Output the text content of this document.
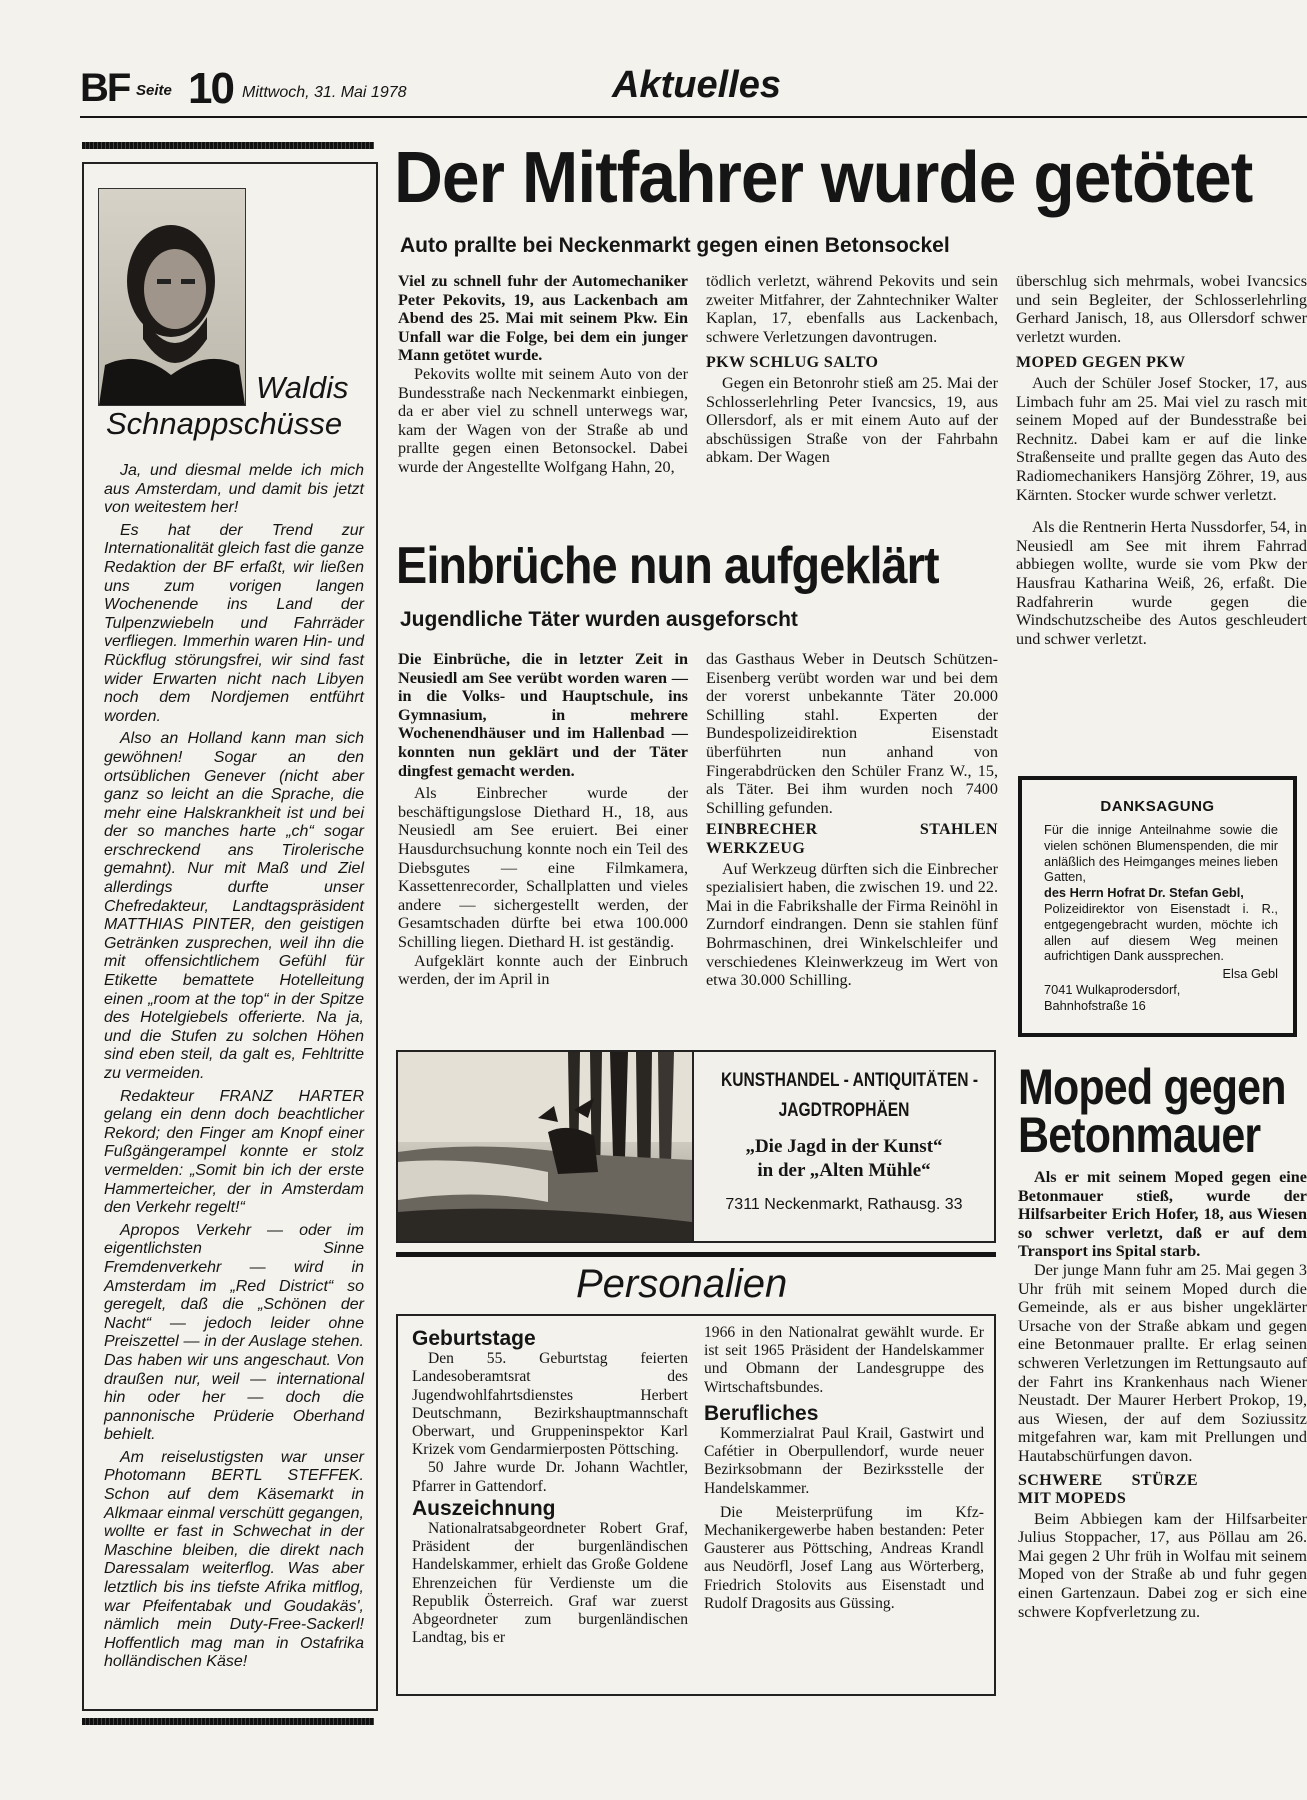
BF Seite 10 Mittwoch, 31. Mai 1978	Aktuelles
Waldis
Schnappschüsse

Ja, und diesmal melde ich mich aus Amsterdam, und damit bis jetzt von weitestem her!

Es hat der Trend zur Internationalität gleich fast die ganze Redaktion der BF erfaßt, wir ließen uns zum vorigen langen Wochenende ins Land der Tulpenzwiebeln und Fahrräder verfliegen. Immerhin waren Hin- und Rückflug störungsfrei, wir sind fast wider Erwarten nicht nach Libyen noch dem Nordjemen entführt worden.

Also an Holland kann man sich gewöhnen! Sogar an den ortsüblichen Genever (nicht aber ganz so leicht an die Sprache, die mehr eine Halskrankheit ist und bei der so manches harte „ch“ sogar erschreckend ans Tirolerische gemahnt). Nur mit Maß und Ziel allerdings durfte unser Chefredakteur, Landtagspräsident MATTHIAS PINTER, den geistigen Getränken zusprechen, weil ihn die mit offensichtlichem Gefühl für Etikette bemattete Hotelleitung einen „room at the top“ in der Spitze des Hotelgiebels offerierte. Na ja, und die Stufen zu solchen Höhen sind eben steil, da galt es, Fehltritte zu vermeiden.

Redakteur FRANZ HARTER gelang ein denn doch beachtlicher Rekord; den Finger am Knopf einer Fußgängerampel konnte er stolz vermelden: „Somit bin ich der erste Hammerteicher, der in Amsterdam den Verkehr regelt!“

Apropos Verkehr — oder im eigentlichsten Sinne Fremdenverkehr — wird in Amsterdam im „Red District“ so geregelt, daß die „Schönen der Nacht“ — jedoch leider ohne Preiszettel — in der Auslage stehen. Das haben wir uns angeschaut. Von draußen nur, weil — international hin oder her — doch die pannonische Prüderie Oberhand behielt.

Am reiselustigsten war unser Photomann BERTL STEFFEK. Schon auf dem Käsemarkt in Alkmaar einmal verschütt gegangen, wollte er fast in Schwechat in der Maschine bleiben, die direkt nach Daressalam weiterflog. Was aber letztlich bis ins tiefste Afrika mitflog, war Pfeifentabak und Goudakäs', nämlich mein Duty-Free-Sackerl! Hoffentlich mag man in Ostafrika holländischen Käse!

Der Mitfahrer wurde getötet
Auto prallte bei Neckenmarkt gegen einen Betonsockel

Viel zu schnell fuhr der Automechaniker Peter Pekovits, 19, aus Lackenbach am Abend des 25. Mai mit seinem Pkw. Ein Unfall war die Folge, bei dem ein junger Mann getötet wurde.

Pekovits wollte mit seinem Auto von der Bundesstraße nach Neckenmarkt einbiegen, da er aber viel zu schnell unterwegs war, kam der Wagen von der Straße ab und prallte gegen einen Betonsockel. Dabei wurde der Angestellte Wolfgang Hahn, 20,

tödlich verletzt, während Pekovits und sein zweiter Mitfahrer, der Zahntechniker Walter Kaplan, 17, ebenfalls aus Lackenbach, schwere Verletzungen davontrugen.

PKW SCHLUG SALTO

Gegen ein Betonrohr stieß am 25. Mai der Schlosserlehrling Peter Ivancsics, 19, aus Ollersdorf, als er mit einem Auto auf der abschüssigen Straße von der Fahrbahn abkam. Der Wagen

überschlug sich mehrmals, wobei Ivancsics und sein Begleiter, der Schlosserlehrling Gerhard Janisch, 18, aus Ollersdorf schwer verletzt wurden.

MOPED GEGEN PKW

Auch der Schüler Josef Stocker, 17, aus Limbach fuhr am 25. Mai viel zu rasch mit seinem Moped auf der Bundesstraße bei Rechnitz. Dabei kam er auf die linke Straßenseite und prallte gegen das Auto des Radiomechanikers Hansjörg Zöhrer, 19, aus Kärnten. Stocker wurde schwer verletzt.

Als die Rentnerin Herta Nussdorfer, 54, in Neusiedl am See mit ihrem Fahrrad abbiegen wollte, wurde sie vom Pkw der Hausfrau Katharina Weiß, 26, erfaßt. Die Radfahrerin wurde gegen die Windschutzscheibe des Autos geschleudert und schwer verletzt.

Einbrüche nun aufgeklärt
Jugendliche Täter wurden ausgeforscht

Die Einbrüche, die in letzter Zeit in Neusiedl am See verübt worden waren — in die Volks- und Hauptschule, ins Gymnasium, in mehrere Wochenendhäuser und im Hallenbad — konnten nun geklärt und der Täter dingfest gemacht werden.

Als Einbrecher wurde der beschäftigungslose Diethard H., 18, aus Neusiedl am See eruiert. Bei einer Hausdurchsuchung konnte noch ein Teil des Diebsgutes — eine Filmkamera, Kassettenrecorder, Schallplatten und vieles andere — sichergestellt werden, der Gesamtschaden dürfte bei etwa 100.000 Schilling liegen. Diethard H. ist geständig.

Aufgeklärt konnte auch der Einbruch werden, der im April in

das Gasthaus Weber in Deutsch Schützen-Eisenberg verübt worden war und bei dem der vorerst unbekannte Täter 20.000 Schilling stahl. Experten der Bundespolizeidirektion Eisenstadt überführten nun anhand von Fingerabdrücken den Schüler Franz W., 15, als Täter. Bei ihm wurden noch 7400 Schilling gefunden.

EINBRECHER STAHLEN WERKZEUG

Auf Werkzeug dürften sich die Einbrecher spezialisiert haben, die zwischen 19. und 22. Mai in die Fabrikshalle der Firma Reinöhl in Zurndorf eindrangen. Denn sie stahlen fünf Bohrmaschinen, drei Winkelschleifer und verschiedenes Kleinwerkzeug im Wert von etwa 30.000 Schilling.

DANKSAGUNG

Für die innige Anteilnahme sowie die vielen schönen Blumenspenden, die mir anläßlich des Heimganges meines lieben Gatten,

des Herrn Hofrat Dr. Stefan Gebl,

Polizeidirektor von Eisenstadt i. R., entgegengebracht wurden, möchte ich allen auf diesem Weg meinen aufrichtigen Dank aussprechen.

Elsa Gebl

7041 Wulkaprodersdorf,

Bahnhofstraße 16

KUNSTHANDEL - ANTIQUITÄTEN -
JAGDTROPHÄEN
„Die Jagd in der Kunst“
in der „Alten Mühle“
7311 Neckenmarkt, Rathausg. 33
Personalien
Geburtstage

Den 55. Geburtstag feierten Landesoberamtsrat des Jugendwohlfahrtsdienstes Herbert Deutschmann, Bezirkshauptmannschaft Oberwart, und Gruppeninspektor Karl Krizek vom Gendarmierposten Pöttsching.

50 Jahre wurde Dr. Johann Wachtler, Pfarrer in Gattendorf.

Auszeichnung

Nationalratsabgeordneter Robert Graf, Präsident der burgenländischen Handelskammer, erhielt das Große Goldene Ehrenzeichen für Verdienste um die Republik Österreich. Graf war zuerst Abgeordneter zum burgenländischen Landtag, bis er

1966 in den Nationalrat gewählt wurde. Er ist seit 1965 Präsident der Handelskammer und Obmann der Landesgruppe des Wirtschaftsbundes.

Berufliches

Kommerzialrat Paul Krail, Gastwirt und Cafétier in Oberpullendorf, wurde neuer Bezirksobmann der Bezirksstelle der Handelskammer.

Die Meisterprüfung im Kfz-Mechanikergewerbe haben bestanden: Peter Gausterer aus Pöttsching, Andreas Krandl aus Neudörfl, Josef Lang aus Wörterberg, Friedrich Stolovits aus Eisenstadt und Rudolf Dragosits aus Güssing.

Moped gegen
Betonmauer

Als er mit seinem Moped gegen eine Betonmauer stieß, wurde der Hilfsarbeiter Erich Hofer, 18, aus Wiesen so schwer verletzt, daß er auf dem Transport ins Spital starb.

Der junge Mann fuhr am 25. Mai gegen 3 Uhr früh mit seinem Moped durch die Gemeinde, als er aus bisher ungeklärter Ursache von der Straße abkam und gegen eine Betonmauer prallte. Er erlag seinen schweren Verletzungen im Rettungsauto auf der Fahrt ins Krankenhaus nach Wiener Neustadt. Der Maurer Herbert Prokop, 19, aus Wiesen, der auf dem Soziussitz mitgefahren war, kam mit Prellungen und Hautabschürfungen davon.

SCHWERE STÜRZE MIT MOPEDS

Beim Abbiegen kam der Hilfsarbeiter Julius Stoppacher, 17, aus Pöllau am 26. Mai gegen 2 Uhr früh in Wolfau mit seinem Moped von der Straße ab und fuhr gegen einen Gartenzaun. Dabei zog er sich eine schwere Kopfverletzung zu.
